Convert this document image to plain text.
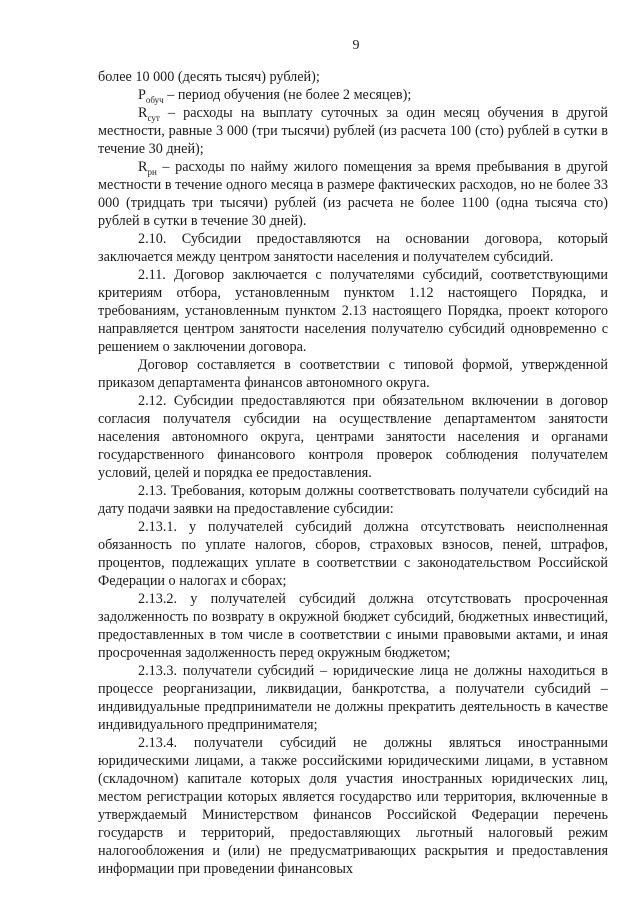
9

более 10 000 (десять тысяч) рублей);

$P_{обуч}$ – период обучения (не более 2 месяцев);

$R_{сут}$ – расходы на выплату суточных за один месяц обучения в другой местности, равные 3 000 (три тысячи) рублей (из расчета 100 (сто) рублей в сутки в течение 30 дней);

$R_{рн}$ – расходы по найму жилого помещения за время пребывания в другой местности в течение одного месяца в размере фактических расходов, но не более 33 000 (тридцать три тысячи) рублей (из расчета не более 1100 (одна тысяча сто) рублей в сутки в течение 30 дней).

2.10. Субсидии предоставляются на основании договора, который заключается между центром занятости населения и получателем субсидий.

2.11. Договор заключается с получателями субсидий, соответствующими критериям отбора, установленным пунктом 1.12 настоящего Порядка, и требованиям, установленным пунктом 2.13 настоящего Порядка, проект которого направляется центром занятости населения получателю субсидий одновременно с решением о заключении договора.

Договор составляется в соответствии с типовой формой, утвержденной приказом департамента финансов автономного округа.

2.12. Субсидии предоставляются при обязательном включении в договор согласия получателя субсидии на осуществление департаментом занятости населения автономного округа, центрами занятости населения и органами государственного финансового контроля проверок соблюдения получателем условий, целей и порядка ее предоставления.

2.13. Требования, которым должны соответствовать получатели субсидий на дату подачи заявки на предоставление субсидии:

2.13.1. у получателей субсидий должна отсутствовать неисполненная обязанность по уплате налогов, сборов, страховых взносов, пеней, штрафов, процентов, подлежащих уплате в соответствии с законодательством Российской Федерации о налогах и сборах;

2.13.2. у получателей субсидий должна отсутствовать просроченная задолженность по возврату в окружной бюджет субсидий, бюджетных инвестиций, предоставленных в том числе в соответствии с иными правовыми актами, и иная просроченная задолженность перед окружным бюджетом;

2.13.3. получатели субсидий – юридические лица не должны находиться в процессе реорганизации, ликвидации, банкротства, а получатели субсидий – индивидуальные предприниматели не должны прекратить деятельность в качестве индивидуального предпринимателя;

2.13.4. получатели субсидий не должны являться иностранными юридическими лицами, а также российскими юридическими лицами, в уставном (складочном) капитале которых доля участия иностранных юридических лиц, местом регистрации которых является государство или территория, включенные в утверждаемый Министерством финансов Российской Федерации перечень государств и территорий, предоставляющих льготный налоговый режим налогообложения и (или) не предусматривающих раскрытия и предоставления информации при проведении финансовых
